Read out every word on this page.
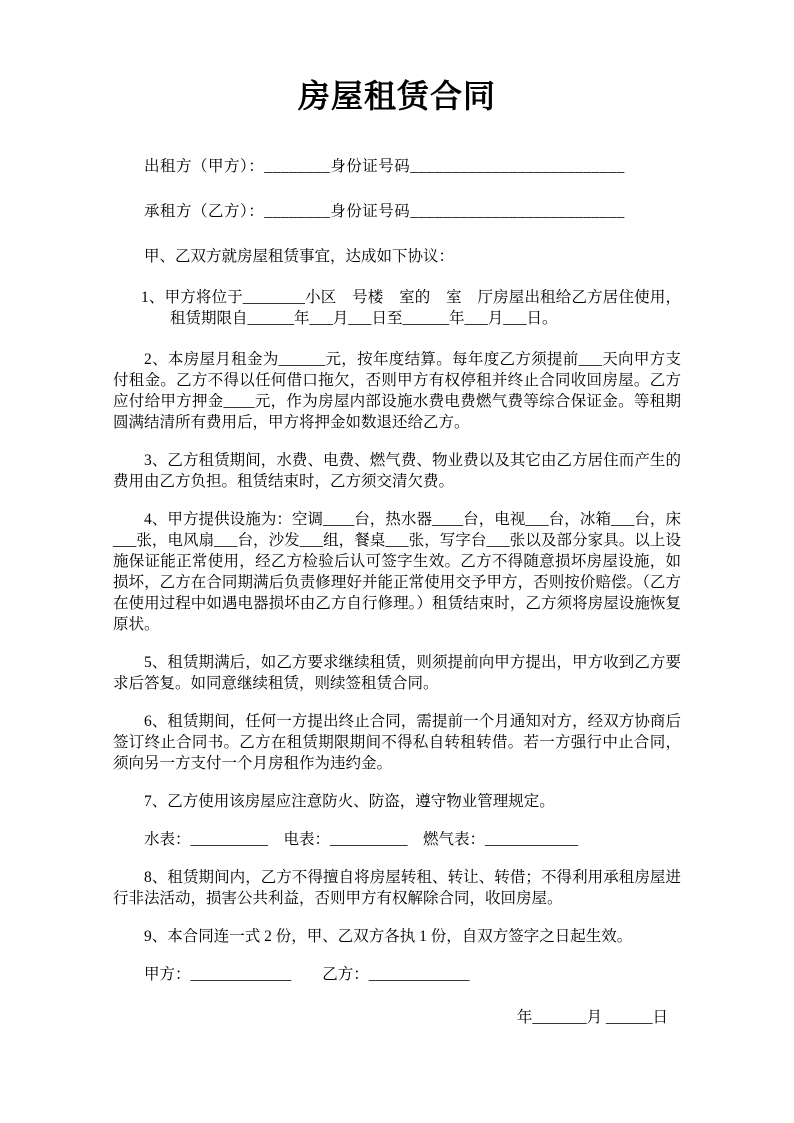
房屋租赁合同

出租方（甲方）：________身份证号码__________________________

承租方（乙方）：________身份证号码__________________________

甲、乙双方就房屋租赁事宜，达成如下协议：

1、甲方将位于________小区　号楼　室的　室　厅房屋出租给乙方居住使用，租赁期限自______年___月___日至______年___月___日。

2、本房屋月租金为______元，按年度结算。每年度乙方须提前___天向甲方支付租金。乙方不得以任何借口拖欠，否则甲方有权停租并终止合同收回房屋。乙方应付给甲方押金____元，作为房屋内部设施水费电费燃气费等综合保证金。等租期圆满结清所有费用后，甲方将押金如数退还给乙方。

3、乙方租赁期间，水费、电费、燃气费、物业费以及其它由乙方居住而产生的费用由乙方负担。租赁结束时，乙方须交清欠费。

4、甲方提供设施为：空调____台，热水器____台，电视___台，冰箱___台，床___张，电风扇___台，沙发___组，餐桌___张，写字台___张以及部分家具。以上设施保证能正常使用，经乙方检验后认可签字生效。乙方不得随意损坏房屋设施，如损坏，乙方在合同期满后负责修理好并能正常使用交予甲方，否则按价赔偿。（乙方在使用过程中如遇电器损坏由乙方自行修理。）租赁结束时，乙方须将房屋设施恢复原状。

5、租赁期满后，如乙方要求继续租赁，则须提前向甲方提出，甲方收到乙方要求后答复。如同意继续租赁，则续签租赁合同。

6、租赁期间，任何一方提出终止合同，需提前一个月通知对方，经双方协商后签订终止合同书。乙方在租赁期限期间不得私自转租转借。若一方强行中止合同，须向另一方支付一个月房租作为违约金。

7、乙方使用该房屋应注意防火、防盗，遵守物业管理规定。

水表：__________　电表：__________　燃气表：____________

8、租赁期间内，乙方不得擅自将房屋转租、转让、转借；不得利用承租房屋进行非法活动，损害公共利益，否则甲方有权解除合同，收回房屋。

9、本合同连一式 2 份，甲、乙双方各执 1 份，自双方签字之日起生效。

甲方：_____________　　乙方：_____________

年_______月 ______日
